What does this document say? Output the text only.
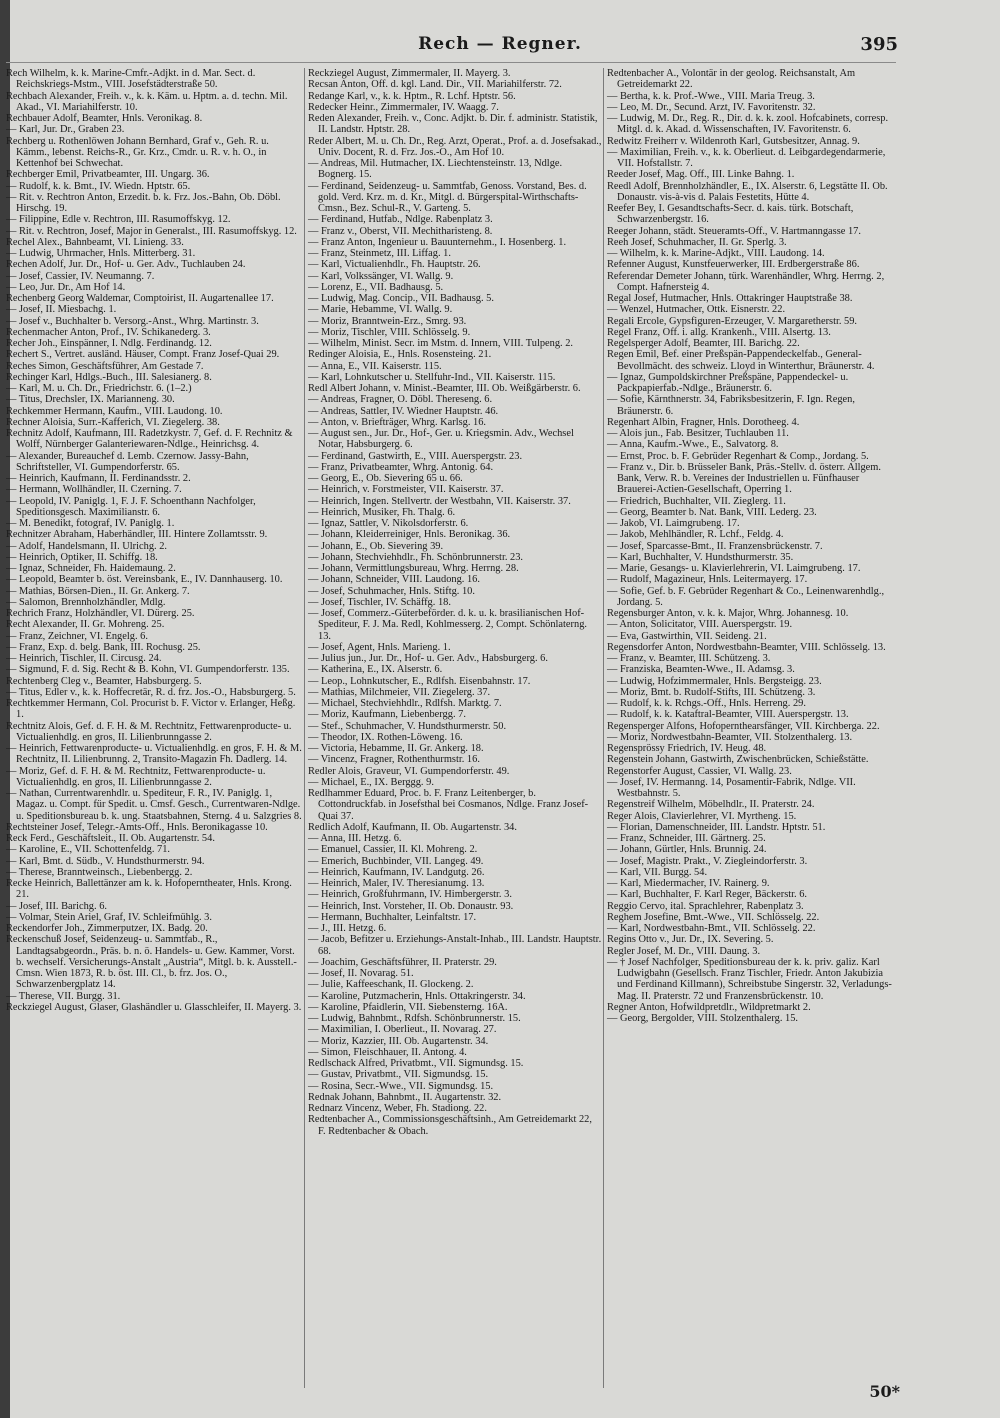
Rech — Regner.	395
Rech Wilhelm, k. k. Marine-Cmfr.-Adjkt. in d. Mar. Sect. d. Reichskriegs-Mstm., VIII. Josefstädterstraße 50.
Rechbach Alexander, Freih. v., k. k. Käm. u. Hptm. a. d. techn. Mil. Akad., VI. Mariahilferstr. 10.
Rechbauer Adolf, Beamter, Hnls. Veronikag. 8.
— Karl, Jur. Dr., Graben 23.
Rechberg u. Rothenlöwen Johann Bernhard, Graf v., Geh. R. u. Kämm., lebenst. Reichs-R., Gr. Krz., Cmdr. u. R. v. h. O., in Kettenhof bei Schwechat.
Rechberger Emil, Privatbeamter, III. Ungarg. 36.
— Rudolf, k. k. Bmt., IV. Wiedn. Hptstr. 65.
— Rit. v. Rechtron Anton, Erzedit. b. k. Frz. Jos.-Bahn, Ob. Döbl. Hirschg. 19.
— Filippine, Edle v. Rechtron, III. Rasumoffskyg. 12.
— Rit. v. Rechtron, Josef, Major in Generalst., III. Rasumoffskyg. 12.
Rechel Alex., Bahnbeamt, VI. Linieng. 33.
— Ludwig, Uhrmacher, Hnls. Mitterberg. 31.
Rechen Adolf, Jur. Dr., Hof- u. Ger. Adv., Tuchlauben 24.
— Josef, Cassier, IV. Neumanng. 7.
— Leo, Jur. Dr., Am Hof 14.
Rechenberg Georg Waldemar, Comptoirist, II. Augartenallee 17.
— Josef, II. Miesbachg. 1.
— Josef v., Buchhalter b. Versorg.-Anst., Whrg. Martinstr. 3.
Rechenmacher Anton, Prof., IV. Schikanederg. 3.
Recher Joh., Einspänner, I. Ndlg. Ferdinandg. 12.
Rechert S., Vertret. ausländ. Häuser, Compt. Franz Josef-Quai 29.
Reches Simon, Geschäftsführer, Am Gestade 7.
Rechinger Karl, Hdlgs.-Buch., III. Salesianerg. 8.
— Karl, M. u. Ch. Dr., Friedrichstr. 6. (1–2.)
— Titus, Drechsler, IX. Marianneng. 30.
Rechkemmer Hermann, Kaufm., VIII. Laudong. 10.
Rechner Aloisia, Surr.-Kafferich, VI. Ziegelerg. 38.
Rechnitz Adolf, Kaufmann, III. Radetzkystr. 7, Gef. d. F. Rechnitz & Wolff, Nürnberger Galanteriewaren-Ndlge., Heinrichsg. 4.
— Alexander, Bureauchef d. Lemb. Czernow. Jassy-Bahn, Schriftsteller, VI. Gumpendorferstr. 65.
— Heinrich, Kaufmann, II. Ferdinandsstr. 2.
— Hermann, Wollhändler, II. Czerning. 7.
— Leopold, IV. Paniglg. 1, F. J. F. Schoenthann Nachfolger, Speditionsgesch. Maximilianstr. 6.
— M. Benedikt, fotograf, IV. Paniglg. 1.
Rechnitzer Abraham, Haberhändler, III. Hintere Zollamtsstr. 9.
— Adolf, Handelsmann, II. Ulrichg. 2.
— Heinrich, Optiker, II. Schiffg. 18.
— Ignaz, Schneider, Fh. Haidemaung. 2.
— Leopold, Beamter b. öst. Vereinsbank, E., IV. Dannhauserg. 10.
— Mathias, Börsen-Dien., II. Gr. Ankerg. 7.
— Salomon, Brennholzhändler, Mdlg.
Rechrich Franz, Holzhändler, VI. Dürerg. 25.
Recht Alexander, II. Gr. Mohreng. 25.
— Franz, Zeichner, VI. Engelg. 6.
— Franz, Exp. d. belg. Bank, III. Rochusg. 25.
— Heinrich, Tischler, II. Circusg. 24.
— Sigmund, F. d. Sig. Recht & B. Kohn, VI. Gumpendorferstr. 135.
Rechtenberg Cleg v., Beamter, Habsburgerg. 5.
— Titus, Edler v., k. k. Hoffecretär, R. d. frz. Jos.-O., Habsburgerg. 5.
Rechtkemmer Hermann, Col. Procurist b. F. Victor v. Erlanger, Heßg. 1.
Rechtnitz Alois, Gef. d. F. H. & M. Rechtnitz, Fettwarenproducte- u. Victualienhdlg. en gros, II. Lilienbrunngasse 2.
— Heinrich, Fettwarenproducte- u. Victualienhdlg. en gros, F. H. & M. Rechtnitz, II. Lilienbrunng. 2, Transito-Magazin Fh. Dadlerg. 14.
— Moriz, Gef. d. F. H. & M. Rechtnitz, Fettwarenproducte- u. Victualienhdlg. en gros, II. Lilienbrunngasse 2.
— Nathan, Currentwarenhdlr. u. Spediteur, F. R., IV. Paniglg. 1, Magaz. u. Compt. für Spedit. u. Cmsf. Gesch., Currentwaren-Ndlge. u. Speditionsbureau b. k. ung. Staatsbahnen, Sterng. 4 u. Salzgries 8.
Rechtsteiner Josef, Telegr.-Amts-Off., Hnls. Beronikagasse 10.
Reck Ferd., Geschäftsleit., II. Ob. Augartenstr. 54.
— Karoline, E., VII. Schottenfeldg. 71.
— Karl, Bmt. d. Südb., V. Hundsthurmerstr. 94.
— Therese, Branntweinsch., Liebenbergg. 2.
Recke Heinrich, Ballettänzer am k. k. Hofoperntheater, Hnls. Krong. 21.
— Josef, III. Barichg. 6.
— Volmar, Stein Ariel, Graf, IV. Schleifmühlg. 3.
Reckendorfer Joh., Zimmerputzer, IX. Badg. 20.
Reckenschuß Josef, Seidenzeug- u. Sammtfab., R., Landtagsabgeordn., Präs. b. n. ö. Handels- u. Gew. Kammer, Vorst. b. wechself. Versicherungs-Anstalt „Austria“, Mitgl. b. k. Ausstell.-Cmsn. Wien 1873, R. b. öst. III. Cl., b. frz. Jos. O., Schwarzenbergplatz 14.
— Therese, VII. Burgg. 31.
Reckziegel August, Glaser, Glashändler u. Glasschleifer, II. Mayerg. 3.
Reckziegel August, Zimmermaler, II. Mayerg. 3.
Recsan Anton, Off. d. kgl. Land. Dir., VII. Mariahilferstr. 72.
Redange Karl, v., k. k. Hptm., R. Lchf. Hptstr. 56.
Redecker Heinr., Zimmermaler, IV. Waagg. 7.
Reden Alexander, Freih. v., Conc. Adjkt. b. Dir. f. administr. Statistik, II. Landstr. Hptstr. 28.
Reder Albert, M. u. Ch. Dr., Reg. Arzt, Operat., Prof. a. d. Josefsakad., Univ. Docent, R. d. Frz. Jos.-O., Am Hof 10.
— Andreas, Mil. Hutmacher, IX. Liechtensteinstr. 13, Ndlge. Bognerg. 15.
— Ferdinand, Seidenzeug- u. Sammtfab, Genoss. Vorstand, Bes. d. gold. Verd. Krz. m. d. Kr., Mitgl. d. Bürgerspital-Wirthschafts-Cmsn., Bez. Schul-R., V. Garteng. 5.
— Ferdinand, Hutfab., Ndlge. Rabenplatz 3.
— Franz v., Oberst, VII. Mechitharisteng. 8.
— Franz Anton, Ingenieur u. Bauunternehm., I. Hosenberg. 1.
— Franz, Steinmetz, III. Liffag. 1.
— Karl, Victualienhdlr., Fh. Hauptstr. 26.
— Karl, Volkssänger, VI. Wallg. 9.
— Lorenz, E., VII. Badhausg. 5.
— Ludwig, Mag. Concip., VII. Badhausg. 5.
— Marie, Hebamme, VI. Wallg. 9.
— Moriz, Branntwein-Erz., Smrg. 93.
— Moriz, Tischler, VIII. Schlösselg. 9.
— Wilhelm, Minist. Secr. im Mstm. d. Innern, VIII. Tulpeng. 2.
Redinger Aloisia, E., Hnls. Rosensteing. 21.
— Anna, E., VII. Kaiserstr. 115.
— Karl, Lohnkutscher u. Stellfuhr-Ind., VII. Kaiserstr. 115.
Redl Albert Johann, v. Minist.-Beamter, III. Ob. Weißgärberstr. 6.
— Andreas, Fragner, O. Döbl. Thereseng. 6.
— Andreas, Sattler, IV. Wiedner Hauptstr. 46.
— Anton, v. Briefträger, Whrg. Karlsg. 16.
— August sen., Jur. Dr., Hof-, Ger. u. Kriegsmin. Adv., Wechsel Notar, Habsburgerg. 6.
— Ferdinand, Gastwirth, E., VIII. Auerspergstr. 23.
— Franz, Privatbeamter, Whrg. Antonig. 64.
— Georg, E., Ob. Sievering 65 u. 66.
— Heinrich, v. Forstmeister, VII. Kaiserstr. 37.
— Heinrich, Ingen. Stellvertr. der Westbahn, VII. Kaiserstr. 37.
— Heinrich, Musiker, Fh. Thalg. 6.
— Ignaz, Sattler, V. Nikolsdorferstr. 6.
— Johann, Kleiderreiniger, Hnls. Beronikag. 36.
— Johann, E., Ob. Sievering 39.
— Johann, Stechviehhdlr., Fh. Schönbrunnerstr. 23.
— Johann, Vermittlungsbureau, Whrg. Herrng. 28.
— Johann, Schneider, VIII. Laudong. 16.
— Josef, Schuhmacher, Hnls. Stiftg. 10.
— Josef, Tischler, IV. Schäffg. 18.
— Josef, Commerz.-Güterbeförder. d. k. u. k. brasilianischen Hof-Spediteur, F. J. Ma. Redl, Kohlmesserg. 2, Compt. Schönlaterng. 13.
— Josef, Agent, Hnls. Marieng. 1.
— Julius jun., Jur. Dr., Hof- u. Ger. Adv., Habsburgerg. 6.
— Katherina, E., IX. Alserstr. 6.
— Leop., Lohnkutscher, E., Rdlfsh. Eisenbahnstr. 17.
— Mathias, Milchmeier, VII. Ziegelerg. 37.
— Michael, Stechviehhdlr., Rdlfsh. Marktg. 7.
— Moriz, Kaufmann, Liebenbergg. 7.
— Stef., Schuhmacher, V. Hundsthurmerstr. 50.
— Theodor, IX. Rothen-Löweng. 16.
— Victoria, Hebamme, II. Gr. Ankerg. 18.
— Vincenz, Fragner, Rothenthurmstr. 16.
Redler Alois, Graveur, VI. Gumpendorferstr. 49.
— Michael, E., IX. Berggg. 9.
Redlhammer Eduard, Proc. b. F. Franz Leitenberger, b. Cottondruckfab. in Josefsthal bei Cosmanos, Ndlge. Franz Josef-Quai 37.
Redlich Adolf, Kaufmann, II. Ob. Augartenstr. 34.
— Anna, III. Hetzg. 6.
— Emanuel, Cassier, II. Kl. Mohreng. 2.
— Emerich, Buchbinder, VII. Langeg. 49.
— Heinrich, Kaufmann, IV. Landgutg. 26.
— Heinrich, Maler, IV. Theresianumg. 13.
— Heinrich, Großfuhrmann, IV. Himbergerstr. 3.
— Heinrich, Inst. Vorsteher, II. Ob. Donaustr. 93.
— Hermann, Buchhalter, Leinfaltstr. 17.
— J., III. Hetzg. 6.
— Jacob, Befitzer u. Erziehungs-Anstalt-Inhab., III. Landstr. Hauptstr. 68.
— Joachim, Geschäftsführer, II. Praterstr. 29.
— Josef, II. Novarag. 51.
— Julie, Kaffeeschank, II. Glockeng. 2.
— Karoline, Putzmacherin, Hnls. Ottakringerstr. 34.
— Karoline, Pfaidlerin, VII. Siebensterng. 16A.
— Ludwig, Bahnbmt., Rdfsh. Schönbrunnerstr. 15.
— Maximilian, I. Oberlieut., II. Novarag. 27.
— Moriz, Kazzier, III. Ob. Augartenstr. 34.
— Simon, Fleischhauer, II. Antong. 4.
Redlschack Alfred, Privatbmt., VII. Sigmundsg. 15.
— Gustav, Privatbmt., VII. Sigmundsg. 15.
— Rosina, Secr.-Wwe., VII. Sigmundsg. 15.
Rednak Johann, Bahnbmt., II. Augartenstr. 32.
Rednarz Vincenz, Weber, Fh. Stadiong. 22.
Redtenbacher A., Commissionsgeschäftsinh., Am Getreidemarkt 22, F. Redtenbacher & Obach.
Redtenbacher A., Volontär in der geolog. Reichsanstalt, Am Getreidemarkt 22.
— Bertha, k. k. Prof.-Wwe., VIII. Maria Treug. 3.
— Leo, M. Dr., Secund. Arzt, IV. Favoritenstr. 32.
— Ludwig, M. Dr., Reg. R., Dir. d. k. k. zool. Hofcabinets, corresp. Mitgl. d. k. Akad. d. Wissenschaften, IV. Favoritenstr. 6.
Redwitz Freiherr v. Wildenroth Karl, Gutsbesitzer, Annag. 9.
— Maximilian, Freih. v., k. k. Oberlieut. d. Leibgardegendarmerie, VII. Hofstallstr. 7.
Reeder Josef, Mag. Off., III. Linke Bahng. 1.
Reedl Adolf, Brennholzhändler, E., IX. Alserstr. 6, Legstätte II. Ob. Donaustr. vis-à-vis d. Palais Festetits, Hütte 4.
Reefer Bey, I. Gesandtschafts-Secr. d. kais. türk. Botschaft, Schwarzenbergstr. 16.
Reeger Johann, städt. Steueramts-Off., V. Hartmanngasse 17.
Reeh Josef, Schuhmacher, II. Gr. Sperlg. 3.
— Wilhelm, k. k. Marine-Adjkt., VIII. Laudong. 14.
Refenner August, Kunstfeuerwerker, III. Erdbergerstraße 86.
Referendar Demeter Johann, türk. Warenhändler, Whrg. Herrng. 2, Compt. Hafnersteig 4.
Regal Josef, Hutmacher, Hnls. Ottakringer Hauptstraße 38.
— Wenzel, Hutmacher, Ottk. Eisnerstr. 22.
Regali Ercole, Gypsfiguren-Erzeuger, V. Margaretherstr. 59.
Regel Franz, Off. i. allg. Krankenh., VIII. Alsertg. 13.
Regelsperger Adolf, Beamter, III. Barichg. 22.
Regen Emil, Bef. einer Preßspän-Pappendeckelfab., General-Bevollmächt. des schweiz. Lloyd in Winterthur, Bräunerstr. 4.
— Ignaz, Gumpoldskirchner Preßspäne, Pappendeckel- u. Packpapierfab.-Ndlge., Bräunerstr. 6.
— Sofie, Kärnthnerstr. 34, Fabriksbesitzerin, F. Ign. Regen, Bräunerstr. 6.
Regenhart Albin, Fragner, Hnls. Dorotheeg. 4.
— Alois jun., Fab. Besitzer, Tuchlauben 11.
— Anna, Kaufm.-Wwe., E., Salvatorg. 8.
— Ernst, Proc. b. F. Gebrüder Regenhart & Comp., Jordang. 5.
— Franz v., Dir. b. Brüsseler Bank, Präs.-Stellv. d. österr. Allgem. Bank, Verw. R. b. Vereines der Industriellen u. Fünfhauser Brauerei-Actien-Gesellschaft, Operring 1.
— Friedrich, Buchhalter, VII. Zieglerg. 11.
— Georg, Beamter b. Nat. Bank, VIII. Lederg. 23.
— Jakob, VI. Laimgrubeng. 17.
— Jakob, Mehlhändler, R. Lchf., Feldg. 4.
— Josef, Sparcasse-Bmt., II. Franzensbrückenstr. 7.
— Karl, Buchhalter, V. Hundsthurmerstr. 35.
— Marie, Gesangs- u. Klavierlehrerin, VI. Laimgrubeng. 17.
— Rudolf, Magazineur, Hnls. Leitermayerg. 17.
— Sofie, Gef. b. F. Gebrüder Regenhart & Co., Leinenwarenhdlg., Jordang. 5.
Regensburger Anton, v. k. k. Major, Whrg. Johannesg. 10.
— Anton, Solicitator, VIII. Auerspergstr. 19.
— Eva, Gastwirthin, VII. Seideng. 21.
Regensdorfer Anton, Nordwestbahn-Beamter, VIII. Schlösselg. 13.
— Franz, v. Beamter, III. Schützeng. 3.
— Franziska, Beamten-Wwe., II. Adamsg. 3.
— Ludwig, Hofzimmermaler, Hnls. Bergsteigg. 23.
— Moriz, Bmt. b. Rudolf-Stifts, III. Schützeng. 3.
— Rudolf, k. k. Rchgs.-Off., Hnls. Herreng. 29.
— Rudolf, k. k. Kataftral-Beamter, VIII. Auerspergstr. 13.
Regensperger Alfons, Hofopernthearsfänger, VII. Kirchberga. 22.
— Moriz, Nordwestbahn-Beamter, VII. Stolzenthalerg. 13.
Regensprössy Friedrich, IV. Heug. 48.
Regenstein Johann, Gastwirth, Zwischenbrücken, Schießstätte.
Regenstorfer August, Cassier, VI. Wallg. 23.
— Josef, IV. Hermanng. 14, Posamentir-Fabrik, Ndlge. VII. Westbahnstr. 5.
Regenstreif Wilhelm, Möbelhdlr., II. Praterstr. 24.
Reger Alois, Clavierlehrer, VI. Myrtheng. 15.
— Florian, Damenschneider, III. Landstr. Hptstr. 51.
— Franz, Schneider, III. Gärtnerg. 25.
— Johann, Gürtler, Hnls. Brunnig. 24.
— Josef, Magistr. Prakt., V. Ziegleindorferstr. 3.
— Karl, VII. Burgg. 54.
— Karl, Miedermacher, IV. Rainerg. 9.
— Karl, Buchhalter, F. Karl Reger, Bäckerstr. 6.
Reggio Cervo, ital. Sprachlehrer, Rabenplatz 3.
Reghem Josefine, Bmt.-Wwe., VII. Schlösselg. 22.
— Karl, Nordwestbahn-Bmt., VII. Schlösselg. 22.
Regins Otto v., Jur. Dr., IX. Severing. 5.
Regler Josef, M. Dr., VIII. Daung. 3.
— † Josef Nachfolger, Speditionsbureau der k. k. priv. galiz. Karl Ludwigbahn (Gesellsch. Franz Tischler, Friedr. Anton Jakubizia und Ferdinand Killmann), Schreibstube Singerstr. 32, Verladungs-Mag. II. Praterstr. 72 und Franzensbrückenstr. 10.
Regner Anton, Hofwildpretdlr., Wildpretmarkt 2.
— Georg, Bergolder, VIII. Stolzenthalerg. 15.
50*
